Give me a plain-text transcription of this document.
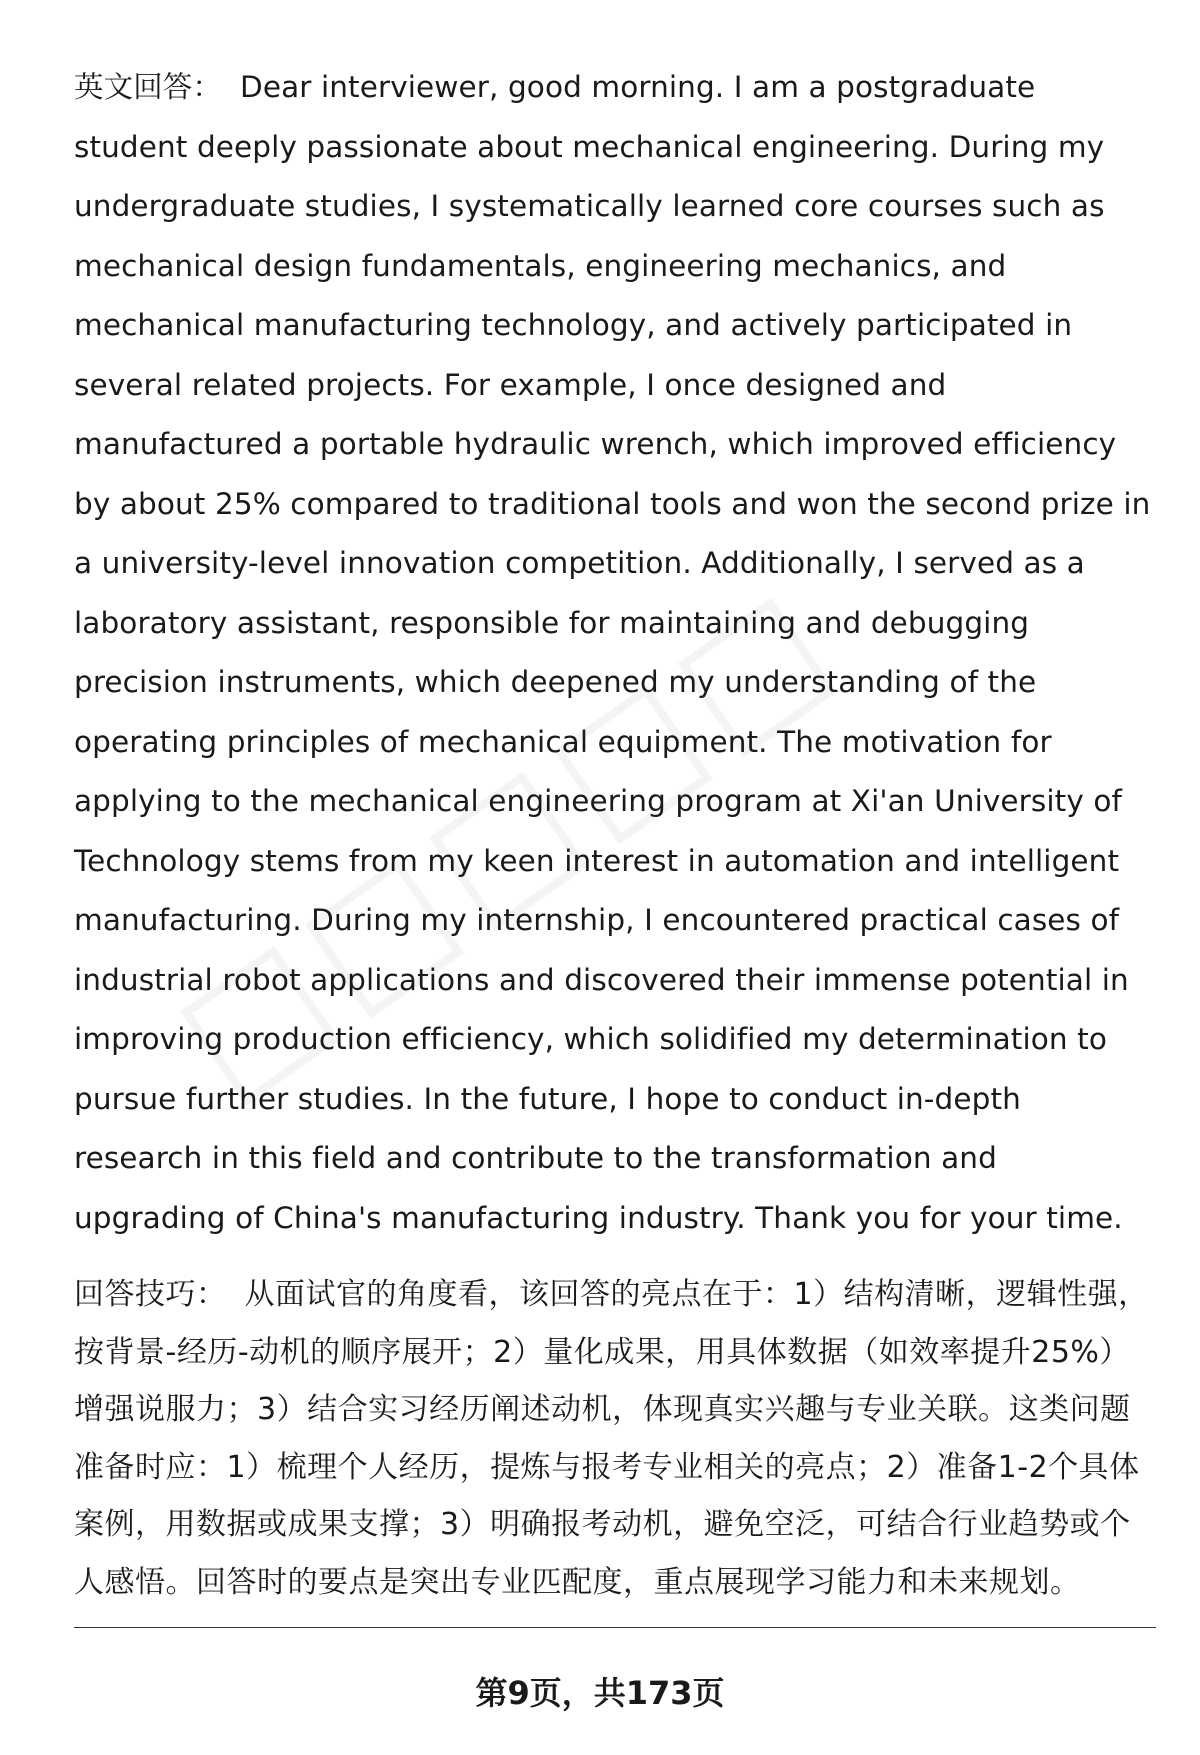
英文回答： Dear interviewer, good morning. I am a postgraduate student deeply passionate about mechanical engineering. During my undergraduate studies, I systematically learned core courses such as mechanical design fundamentals, engineering mechanics, and mechanical manufacturing technology, and actively participated in several related projects. For example, I once designed and manufactured a portable hydraulic wrench, which improved efficiency by about 25% compared to traditional tools and won the second prize in a university-level innovation competition. Additionally, I served as a laboratory assistant, responsible for maintaining and debugging precision instruments, which deepened my understanding of the operating principles of mechanical equipment. The motivation for applying to the mechanical engineering program at Xi'an University of Technology stems from my keen interest in automation and intelligent manufacturing. During my internship, I encountered practical cases of industrial robot applications and discovered their immense potential in improving production efficiency, which solidified my determination to pursue further studies. In the future, I hope to conduct in-depth research in this field and contribute to the transformation and upgrading of China's manufacturing industry. Thank you for your time.

回答技巧： 从面试官的角度看，该回答的亮点在于：1）结构清晰，逻辑性强，按背景-经历-动机的顺序展开；2）量化成果，用具体数据（如效率提升25%）增强说服力；3）结合实习经历阐述动机，体现真实兴趣与专业关联。这类问题准备时应：1）梳理个人经历，提炼与报考专业相关的亮点；2）准备1-2个具体案例，用数据或成果支撑；3）明确报考动机，避免空泛，可结合行业趋势或个人感悟。回答时的要点是突出专业匹配度，重点展现学习能力和未来规划。

第9页，共173页
